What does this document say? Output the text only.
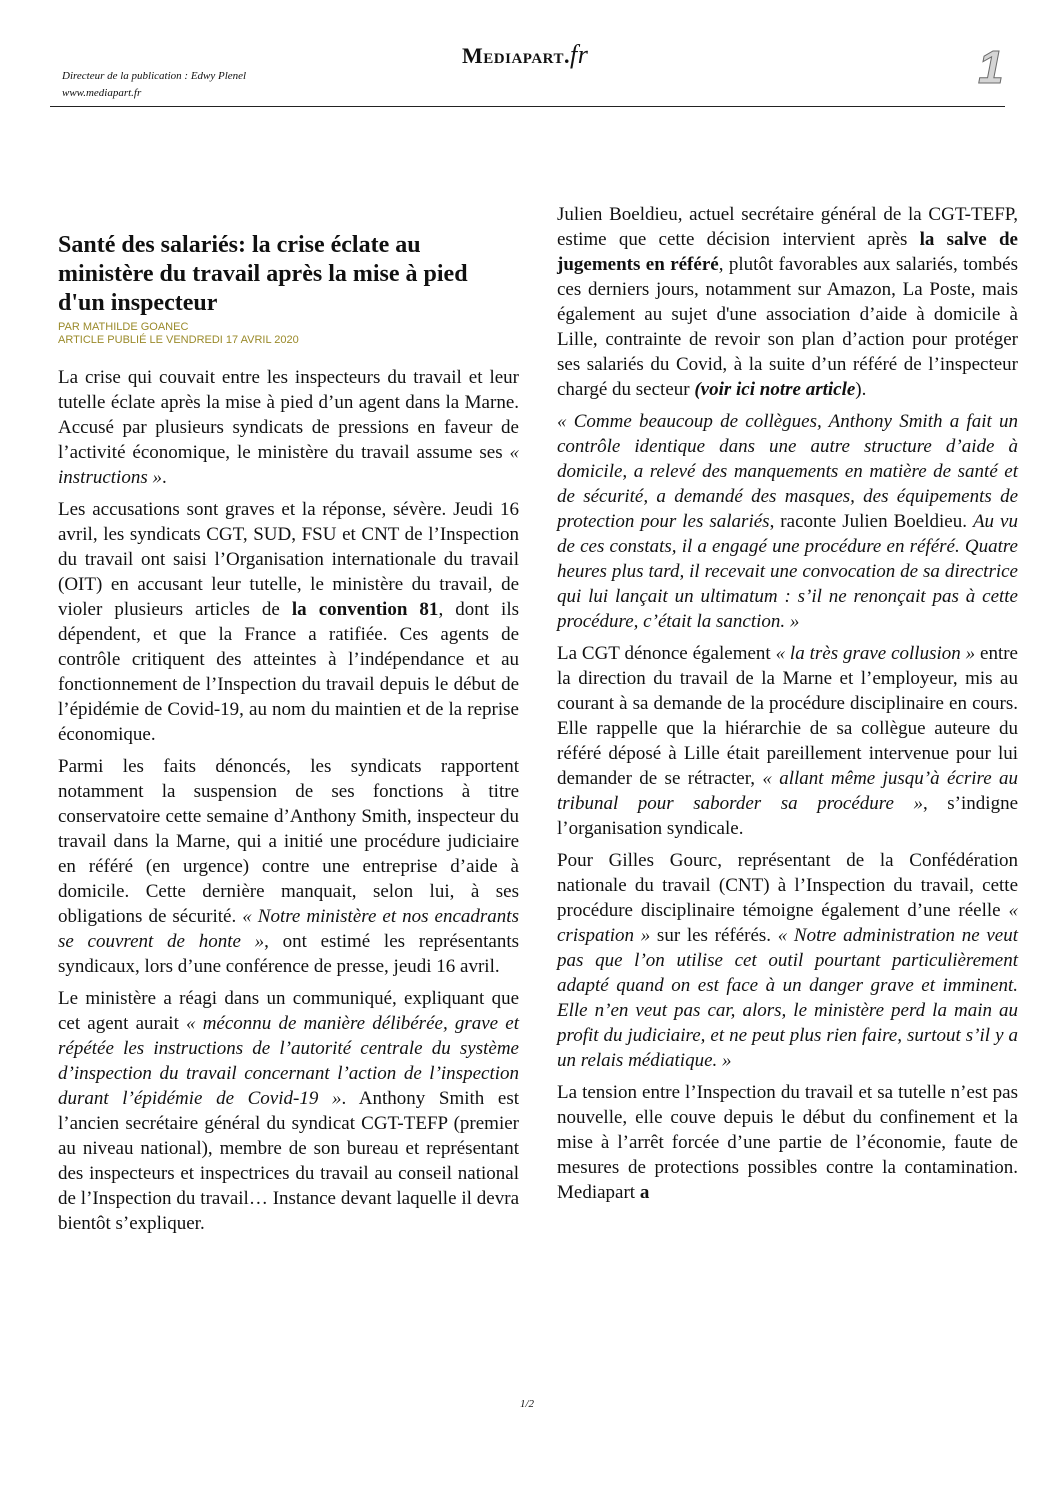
Directeur de la publication : Edwy Plenel
www.mediapart.fr
Mediapart.fr	1
Santé des salariés: la crise éclate au ministère du travail après la mise à pied d'un inspecteur

PAR MATHILDE GOANEC

ARTICLE PUBLIÉ LE VENDREDI 17 AVRIL 2020

La crise qui couvait entre les inspecteurs du travail et leur tutelle éclate après la mise à pied d’un agent dans la Marne. Accusé par plusieurs syndicats de pressions en faveur de l’activité économique, le ministère du travail assume ses « instructions ».

Les accusations sont graves et la réponse, sévère. Jeudi 16 avril, les syndicats CGT, SUD, FSU et CNT de l’Inspection du travail ont saisi l’Organisation internationale du travail (OIT) en accusant leur tutelle, le ministère du travail, de violer plusieurs articles de la convention 81, dont ils dépendent, et que la France a ratifiée. Ces agents de contrôle critiquent des atteintes à l’indépendance et au fonctionnement de l’Inspection du travail depuis le début de l’épidémie de Covid-19, au nom du maintien et de la reprise économique.

Parmi les faits dénoncés, les syndicats rapportent notamment la suspension de ses fonctions à titre conservatoire cette semaine d’Anthony Smith, inspecteur du travail dans la Marne, qui a initié une procédure judiciaire en référé (en urgence) contre une entreprise d’aide à domicile. Cette dernière manquait, selon lui, à ses obligations de sécurité. « Notre ministère et nos encadrants se couvrent de honte », ont estimé les représentants syndicaux, lors d’une conférence de presse, jeudi 16 avril.

Le ministère a réagi dans un communiqué, expliquant que cet agent aurait « méconnu de manière délibérée, grave et répétée les instructions de l’autorité centrale du système d’inspection du travail concernant l’action de l’inspection durant l’épidémie de Covid-19 ». Anthony Smith est l’ancien secrétaire général du syndicat CGT-TEFP (premier au niveau national), membre de son bureau et représentant des inspecteurs et inspectrices du travail au conseil national de l’Inspection du travail… Instance devant laquelle il devra bientôt s’expliquer.

Julien Boeldieu, actuel secrétaire général de la CGT-TEFP, estime que cette décision intervient après la salve de jugements en référé, plutôt favorables aux salariés, tombés ces derniers jours, notamment sur Amazon, La Poste, mais également au sujet d'une association d’aide à domicile à Lille, contrainte de revoir son plan d’action pour protéger ses salariés du Covid, à la suite d’un référé de l’inspecteur chargé du secteur (voir ici notre article).

« Comme beaucoup de collègues, Anthony Smith a fait un contrôle identique dans une autre structure d’aide à domicile, a relevé des manquements en matière de santé et de sécurité, a demandé des masques, des équipements de protection pour les salariés, raconte Julien Boeldieu. Au vu de ces constats, il a engagé une procédure en référé. Quatre heures plus tard, il recevait une convocation de sa directrice qui lui lançait un ultimatum : s’il ne renonçait pas à cette procédure, c’était la sanction. »

La CGT dénonce également « la très grave collusion » entre la direction du travail de la Marne et l’employeur, mis au courant à sa demande de la procédure disciplinaire en cours. Elle rappelle que la hiérarchie de sa collègue auteure du référé déposé à Lille était pareillement intervenue pour lui demander de se rétracter, « allant même jusqu’à écrire au tribunal pour saborder sa procédure », s’indigne l’organisation syndicale.

Pour Gilles Gourc, représentant de la Confédération nationale du travail (CNT) à l’Inspection du travail, cette procédure disciplinaire témoigne également d’une réelle « crispation » sur les référés. « Notre administration ne veut pas que l’on utilise cet outil pourtant particulièrement adapté quand on est face à un danger grave et imminent. Elle n’en veut pas car, alors, le ministère perd la main au profit du judiciaire, et ne peut plus rien faire, surtout s’il y a un relais médiatique. »

La tension entre l’Inspection du travail et sa tutelle n’est pas nouvelle, elle couve depuis le début du confinement et la mise à l’arrêt forcée d’une partie de l’économie, faute de mesures de protections possibles contre la contamination. Mediapart a

1/2
